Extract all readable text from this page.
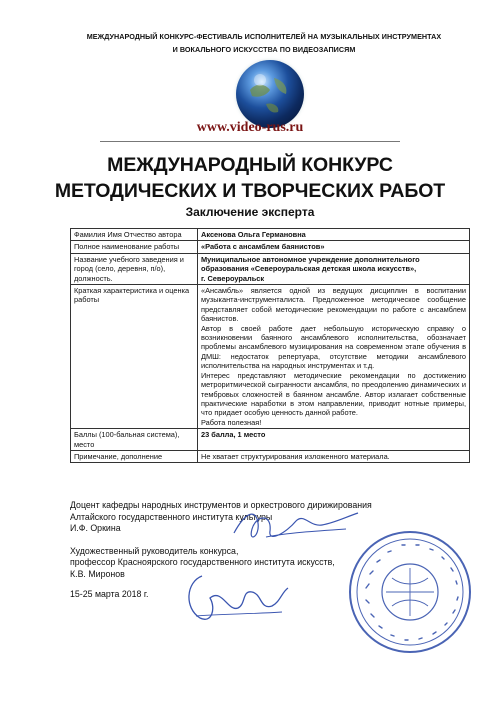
МЕЖДУНАРОДНЫЙ КОНКУРС-ФЕСТИВАЛЬ ИСПОЛНИТЕЛЕЙ НА МУЗЫКАЛЬНЫХ ИНСТРУМЕНТАХ
И ВОКАЛЬНОГО ИСКУССТВА ПО ВИДЕОЗАПИСЯМ
www.video-rus.ru
МЕЖДУНАРОДНЫЙ КОНКУРС
МЕТОДИЧЕСКИХ И ТВОРЧЕСКИХ РАБОТ
Заключение эксперта
Фамилия Имя Отчество автора	Аксенова Ольга Германовна
Полное наименование работы	«Работа с ансамблем баянистов»
Название учебного заведения и город (село, деревня, п/о), должность.	Муниципальное автономное учреждение дополнительного
образования «Североуральская детская школа искусств»,
г. Североуральск

Краткая характеристика и оценка работы	«Ансамбль» является одной из ведущих дисциплин в воспитании музыканта-инструменталиста. Предложенное методическое сообщение представляет собой методические рекомендации по работе с ансамблем баянистов.

Автор в своей работе дает небольшую историческую справку о возникновении баянного ансамблевого исполнительства, обозначает проблемы ансамблевого музицирования на современном этапе обучения в ДМШ: недостаток репертуара, отсутствие методики ансамблевого исполнительства на народных инструментах и т.д.

Интерес представляют методические рекомендации по достижению метроритмической сыгранности ансамбля, по преодолению динамических и тембровых сложностей в баянном ансамбле. Автор излагает собственные практические наработки в этом направлении, приводит нотные примеры, что придает особую ценность данной работе.

Работа полезная!

Баллы (100-бальная система), место	23 балла, 1 место
Примечание, дополнение	Не хватает структурирования изложенного материала.
Доцент кафедры народных инструментов и оркестрового дирижирования
Алтайского государственного института культуры
И.Ф. Оркина
Художественный руководитель конкурса,
профессор Красноярского государственного института искусств,
К.В. Миронов
15-25 марта 2018 г.
